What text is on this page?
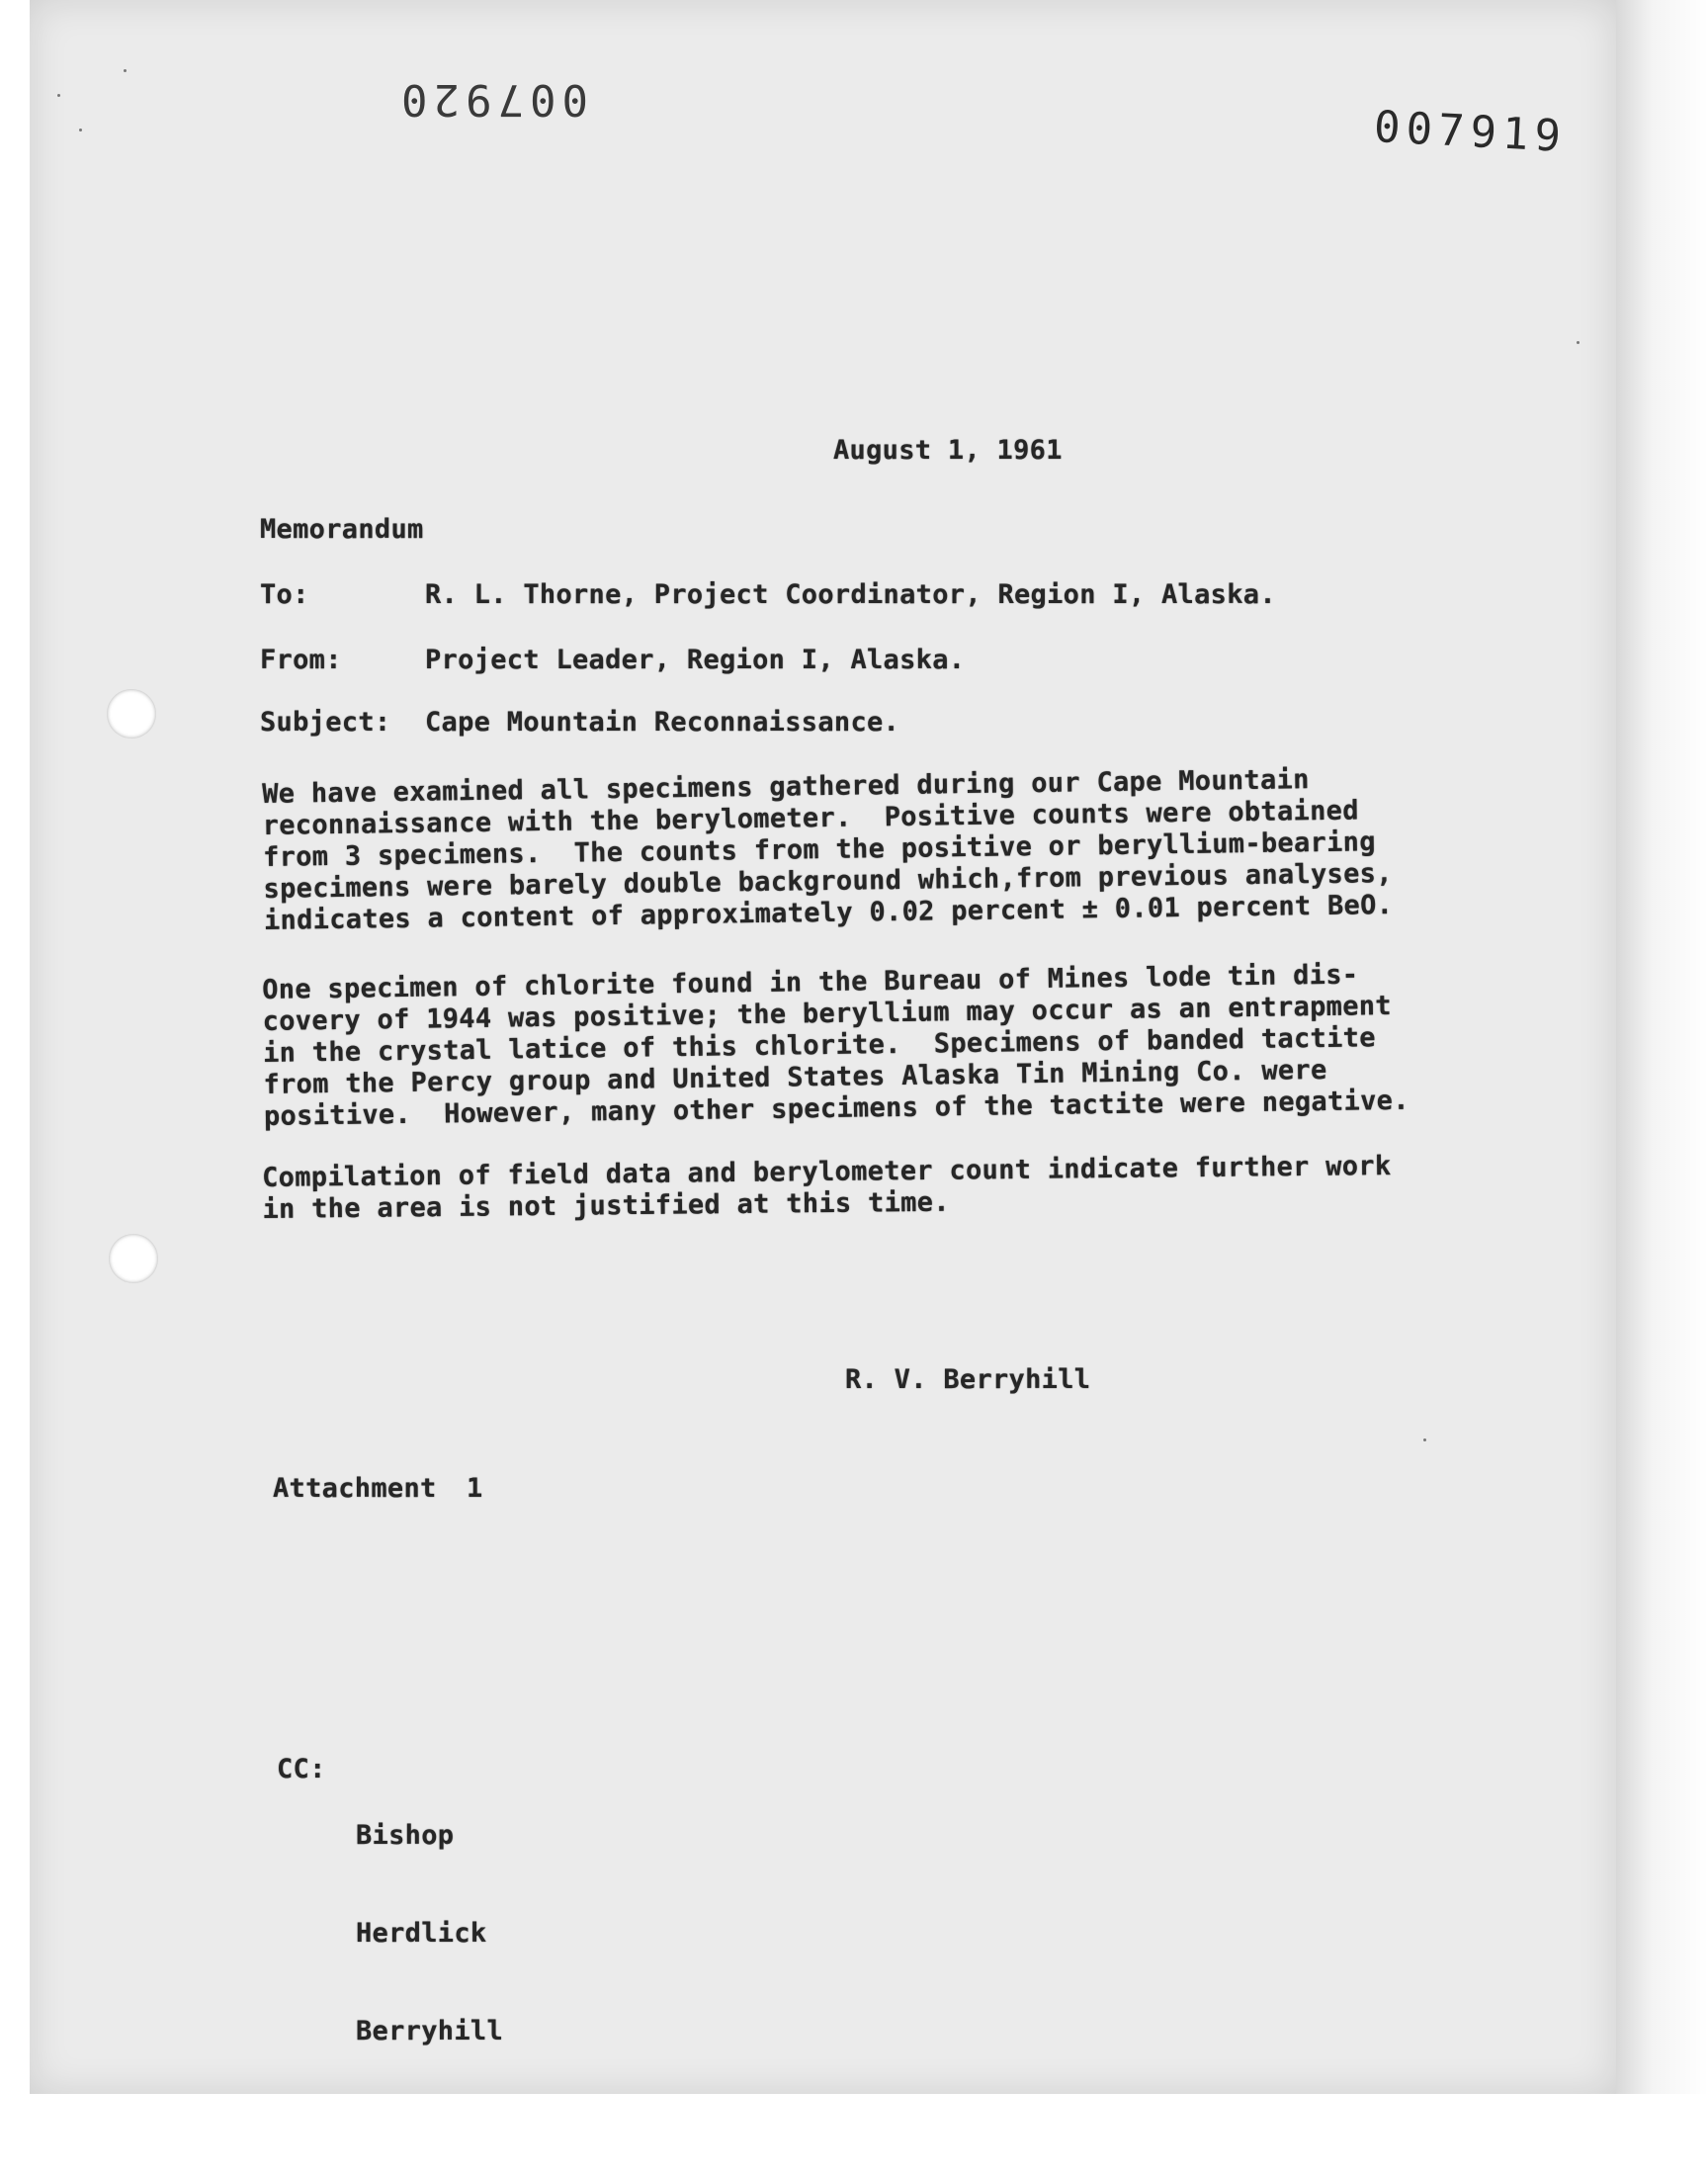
007920
007919
August 1, 1961
Memorandum
To:	R. L. Thorne, Project Coordinator, Region I, Alaska.
From:	Project Leader, Region I, Alaska.
Subject: Cape Mountain Reconnaissance.
We have examined all specimens gathered during our Cape Mountain
reconnaissance with the berylometer.  Positive counts were obtained
from 3 specimens.  The counts from the positive or beryllium-bearing
specimens were barely double background which,from previous analyses,
indicates a content of approximately 0.02 percent ± 0.01 percent BeO.
One specimen of chlorite found in the Bureau of Mines lode tin dis-
covery of 1944 was positive; the beryllium may occur as an entrapment
in the crystal latice of this chlorite.  Specimens of banded tactite
from the Percy group and United States Alaska Tin Mining Co. were
positive.  However, many other specimens of the tactite were negative.
Compilation of field data and berylometer count indicate further work
in the area is not justified at this time.
R. V. Berryhill
Attachment 1
CC:

Bishop

Herdlick

Berryhill
